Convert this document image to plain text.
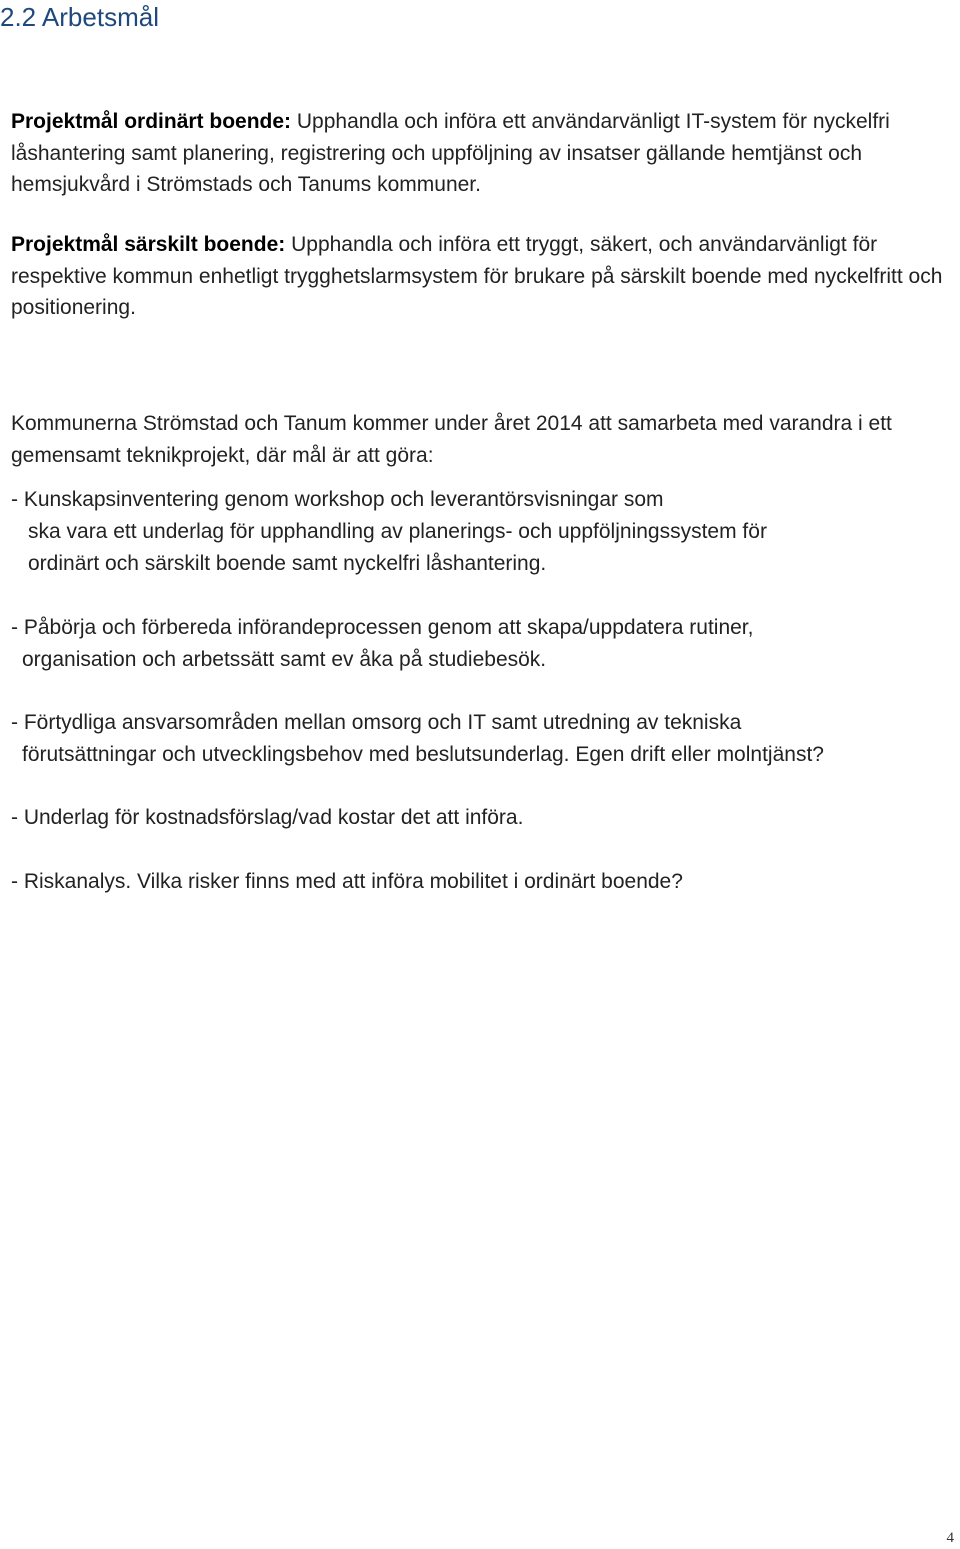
2.2 Arbetsmål

Projektmål ordinärt boende: Upphandla och införa ett användarvänligt IT-system för nyckelfri låshantering samt planering, registrering och uppföljning av insatser gällande hemtjänst och hemsjukvård i Strömstads och Tanums kommuner.

Projektmål särskilt boende: Upphandla och införa ett tryggt, säkert, och användarvänligt för respektive kommun enhetligt trygghetslarmsystem för brukare på särskilt boende med nyckelfritt och positionering.

Kommunerna Strömstad och Tanum kommer under året 2014 att samarbeta med varandra i ett gemensamt teknikprojekt, där mål är att göra:

- Kunskapsinventering genom workshop och leverantörsvisningar som
ska vara ett underlag för upphandling av planerings- och uppföljningssystem för
ordinärt och särskilt boende samt nyckelfri låshantering.
- Påbörja och förbereda införandeprocessen genom att skapa/uppdatera rutiner,
organisation och arbetssätt samt ev åka på studiebesök.
- Förtydliga ansvarsområden mellan omsorg och IT samt utredning av tekniska
förutsättningar och utvecklingsbehov med beslutsunderlag. Egen drift eller molntjänst?
- Underlag för kostnadsförslag/vad kostar det att införa.
- Riskanalys. Vilka risker finns med att införa mobilitet i ordinärt boende?
4
